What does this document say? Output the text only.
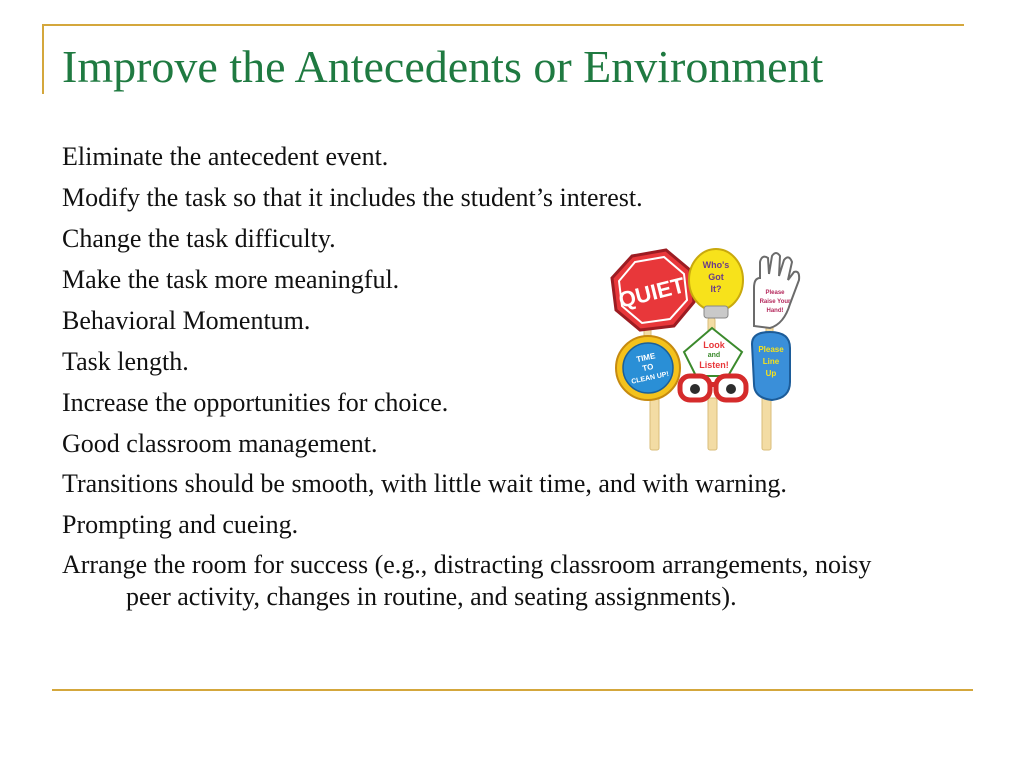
Improve the Antecedents or Environment
Eliminate the antecedent event.
Modify the task so that it includes the student’s interest.
Change the task difficulty.
Make the task more meaningful.
Behavioral Momentum.
Task length.
Increase the opportunities for choice.
Good classroom management.
Transitions should be smooth, with little wait time, and with warning.
Prompting and cueing.
Arrange the room for success (e.g., distracting classroom arrangements, noisy peer activity, changes in routine, and seating assignments).
QUIET
Who's
Got
It?	Please
Raise Your
Hand!
TIME
TO
CLEAN UP!
Look
and
Listen!
Please
Line
Up
